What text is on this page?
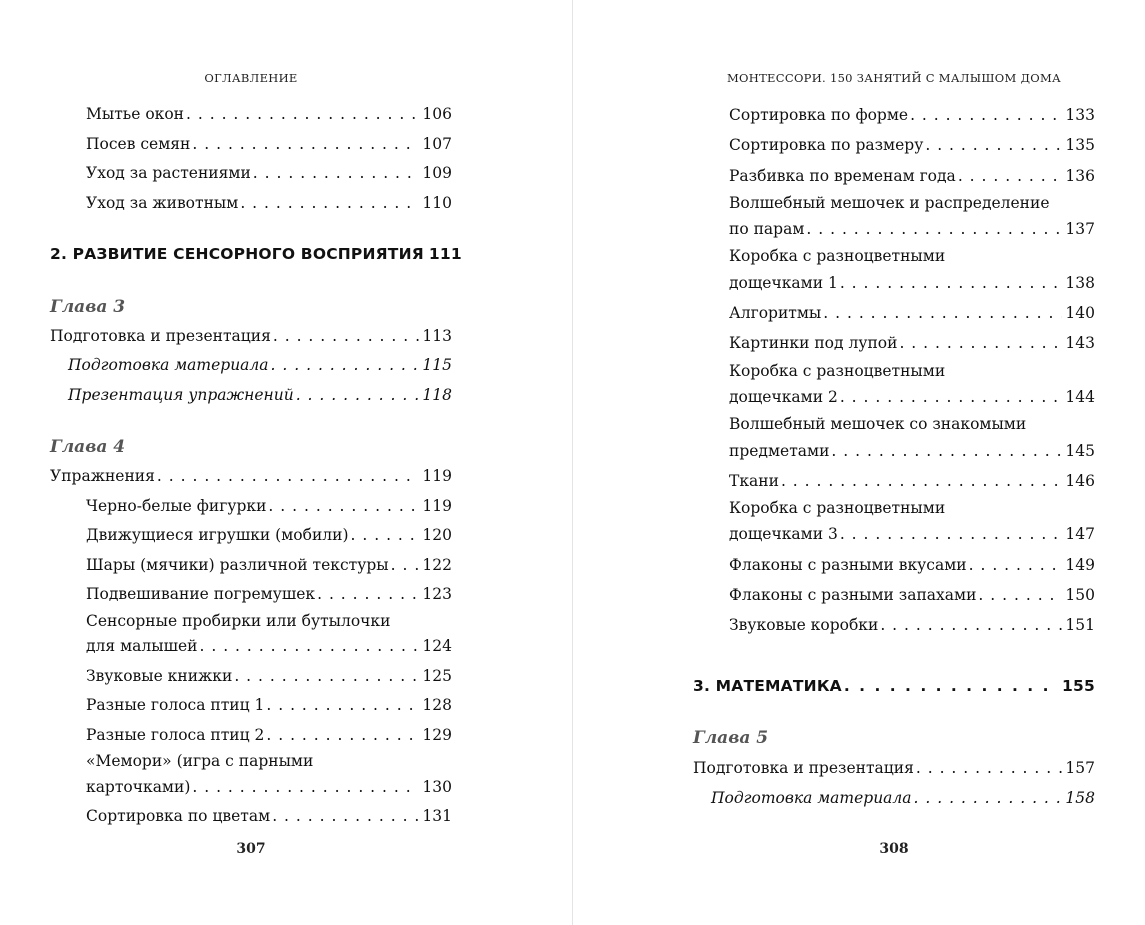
ОГЛАВЛЕНИЕ
Мытье окон . . .	106
Посев семян . . .	107
Уход за растениями . . .	109
Уход за животным . . .	110
2. РАЗВИТИЕ СЕНСОРНОГО ВОСПРИЯТИЯ 111
Глава 3
Подготовка и презентация . . .	113
Подготовка материала . . .	115
Презентация упражнений . . .	118
Глава 4
Упражнения . . .	119
Черно-белые фигурки . . .	119
Движущиеся игрушки (мобили) . . .	120
Шары (мячики) различной текстуры . . . 122
Подвешивание погремушек . . .	123
Сенсорные пробирки или бутылочки
для малышей . . .	124
Звуковые книжки . . .	125
Разные голоса птиц 1 . . .	128
Разные голоса птиц 2 . . .	129
«Мемори» (игра с парными
карточками) . . .	130
Сортировка по цветам . . .	131
307
МОНТЕССОРИ. 150 ЗАНЯТИЙ С МАЛЫШОМ ДОМА
Сортировка по форме . . .	133
Сортировка по размеру . . .	135
Разбивка по временам года . . .	136
Волшебный мешочек и распределение
по парам . . .	137
Коробка с разноцветными
дощечками 1 . . .	138
Алгоритмы . . .	140
Картинки под лупой . . .	143
Коробка с разноцветными
дощечками 2 . . .	144
Волшебный мешочек со знакомыми
предметами . . .	145
Ткани . . .	146
Коробка с разноцветными
дощечками 3 . . .	147
Флаконы с разными вкусами . . .	149
Флаконы с разными запахами . . .	150
Звуковые коробки . . .	151
3. МАТЕМАТИКА . . .	155
Глава 5
Подготовка и презентация . . .	157
Подготовка материала . . .	158
308
